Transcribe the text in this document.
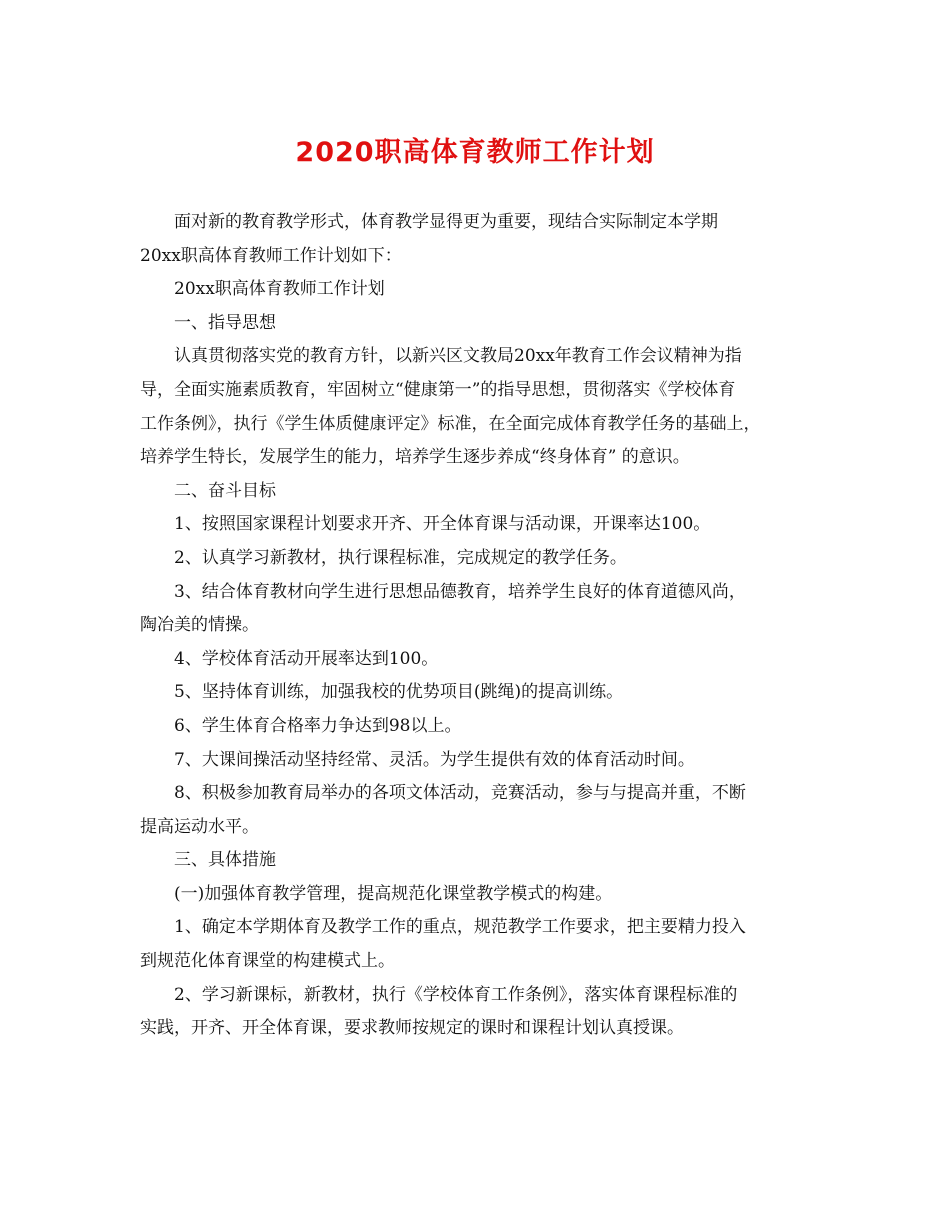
2020职高体育教师工作计划

面对新的教育教学形式，体育教学显得更为重要，现结合实际制定本学期

20xx职高体育教师工作计划如下：

20xx职高体育教师工作计划

一、指导思想

认真贯彻落实党的教育方针，以新兴区文教局20xx年教育工作会议精神为指

导，全面实施素质教育，牢固树立“健康第一”的指导思想，贯彻落实《学校体育

工作条例》，执行《学生体质健康评定》标准，在全面完成体育教学任务的基础上，

培养学生特长，发展学生的能力，培养学生逐步养成“终身体育” 的意识。

二、奋斗目标

1、按照国家课程计划要求开齐、开全体育课与活动课，开课率达100。

2、认真学习新教材，执行课程标准，完成规定的教学任务。

3、结合体育教材向学生进行思想品德教育，培养学生良好的体育道德风尚，

陶冶美的情操。

4、学校体育活动开展率达到100。

5、坚持体育训练，加强我校的优势项目(跳绳)的提高训练。

6、学生体育合格率力争达到98以上。

7、大课间操活动坚持经常、灵活。为学生提供有效的体育活动时间。

8、积极参加教育局举办的各项文体活动，竞赛活动，参与与提高并重，不断

提高运动水平。

三、具体措施

(一)加强体育教学管理，提高规范化课堂教学模式的构建。

1、确定本学期体育及教学工作的重点，规范教学工作要求，把主要精力投入

到规范化体育课堂的构建模式上。

2、学习新课标，新教材，执行《学校体育工作条例》，落实体育课程标准的

实践，开齐、开全体育课，要求教师按规定的课时和课程计划认真授课。
